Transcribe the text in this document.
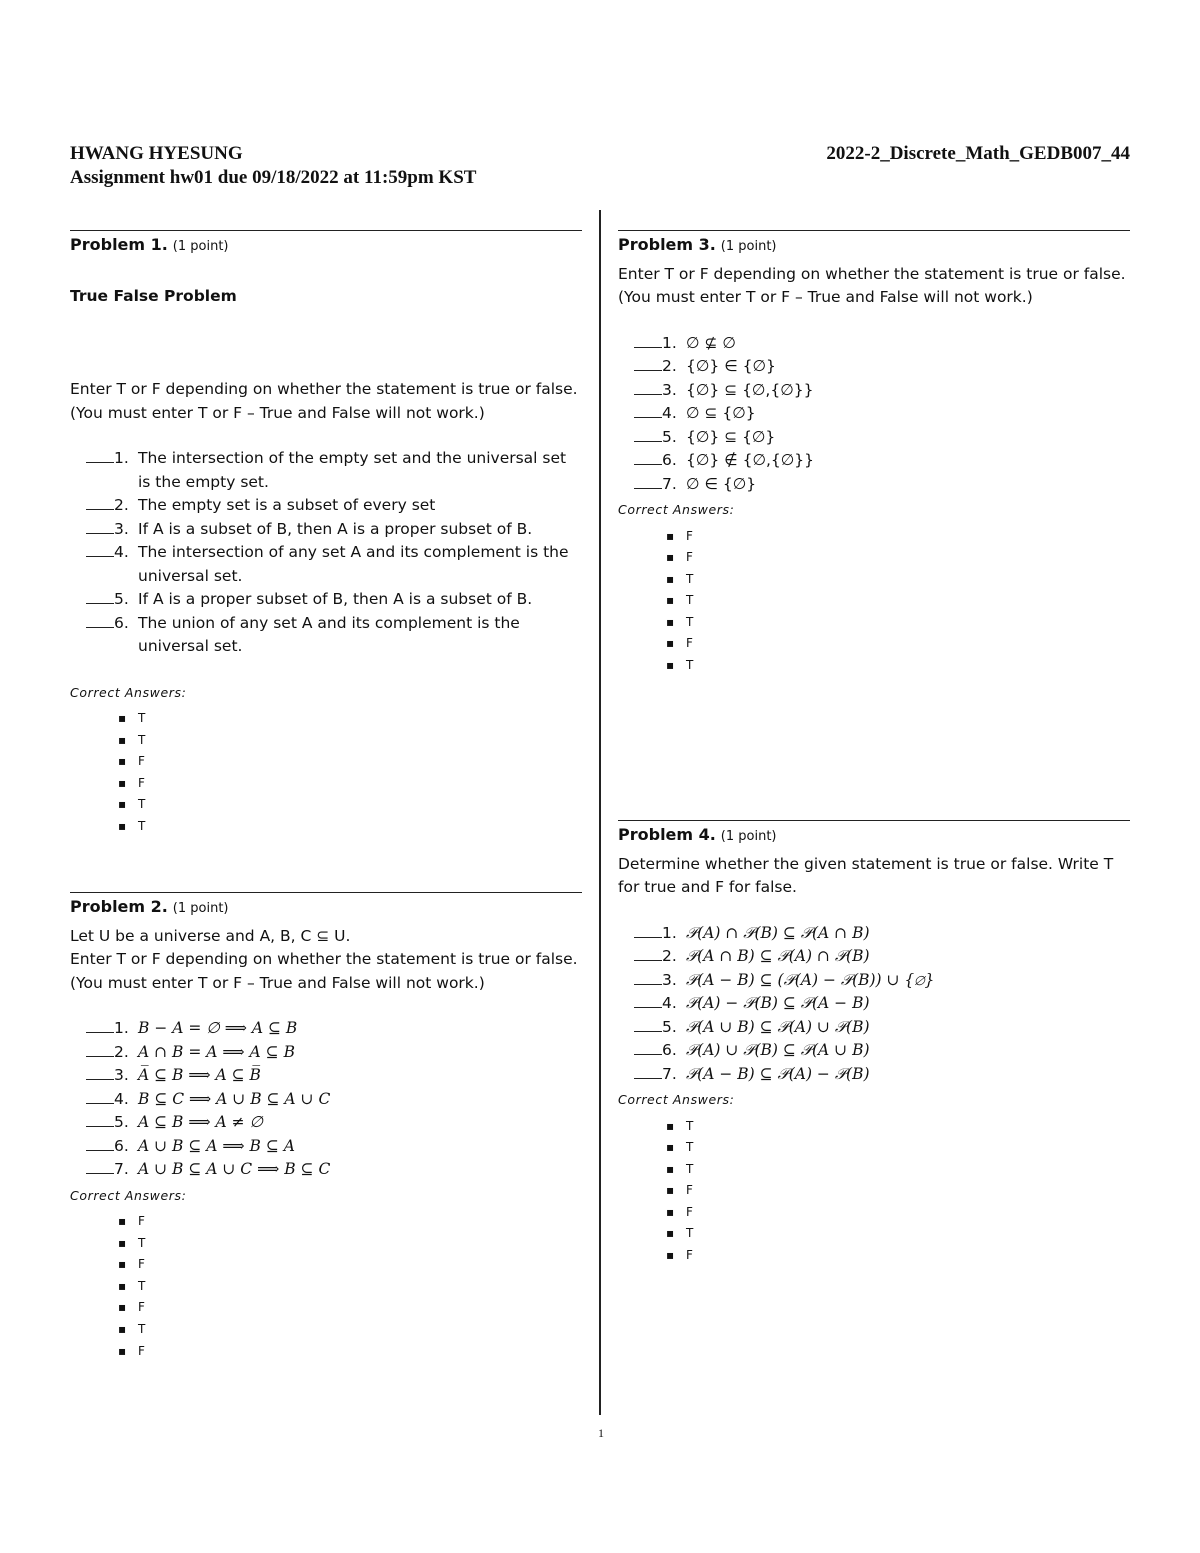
HWANG HYESUNG	2022-2_Discrete_Math_GEDB007_44
Assignment hw01 due 09/18/2022 at 11:59pm KST
Problem 1. (1 point)
True False Problem

Enter T or F depending on whether the statement is true or false.

(You must enter T or F – True and False will not work.)

1. The intersection of the empty set and the universal set is the empty set.
2. The empty set is a subset of every set
3. If A is a subset of B, then A is a proper subset of B.
4. The intersection of any set A and its complement is the universal set.
5. If A is a proper subset of B, then A is a subset of B.
6. The union of any set A and its complement is the universal set.
Correct Answers:
▪ T
▪ T
▪ F
▪ F
▪ T
▪ T
Problem 2. (1 point)

Let U be a universe and A, B, C ⊆ U.

Enter T or F depending on whether the statement is true or false.

(You must enter T or F – True and False will not work.)

1. B − A = ∅ ⟹ A ⊆ B
2. A ∩ B = A ⟹ A ⊆ B
3. A̅ ⊆ B ⟹ A ⊆ B̅
4. B ⊆ C ⟹ A ∪ B ⊆ A ∪ C
5. A ⊆ B ⟹ A ≠ ∅
6. A ∪ B ⊆ A ⟹ B ⊆ A
7. A ∪ B ⊆ A ∪ C ⟹ B ⊆ C
Correct Answers:
▪ F
▪ T
▪ F
▪ T
▪ F
▪ T
▪ F
Problem 3. (1 point)

Enter T or F depending on whether the statement is true or false.

(You must enter T or F – True and False will not work.)

1. ∅ ⊈ ∅
2. {∅} ∈ {∅}
3. {∅} ⊆ {∅,{∅}}
4. ∅ ⊆ {∅}
5. {∅} ⊆ {∅}
6. {∅} ∉ {∅,{∅}}
7. ∅ ∈ {∅}
Correct Answers:
▪ F
▪ F
▪ T
▪ T
▪ T
▪ F
▪ T
Problem 4. (1 point)

Determine whether the given statement is true or false. Write T for true and F for false.

1. 𝒫(A) ∩ 𝒫(B) ⊆ 𝒫(A ∩ B)
2. 𝒫(A ∩ B) ⊆ 𝒫(A) ∩ 𝒫(B)
3. 𝒫(A − B) ⊆ (𝒫(A) − 𝒫(B)) ∪ {∅}
4. 𝒫(A) − 𝒫(B) ⊆ 𝒫(A − B)
5. 𝒫(A ∪ B) ⊆ 𝒫(A) ∪ 𝒫(B)
6. 𝒫(A) ∪ 𝒫(B) ⊆ 𝒫(A ∪ B)
7. 𝒫(A − B) ⊆ 𝒫(A) − 𝒫(B)
Correct Answers:
▪ T
▪ T
▪ T
▪ F
▪ F
▪ T
▪ F
1
